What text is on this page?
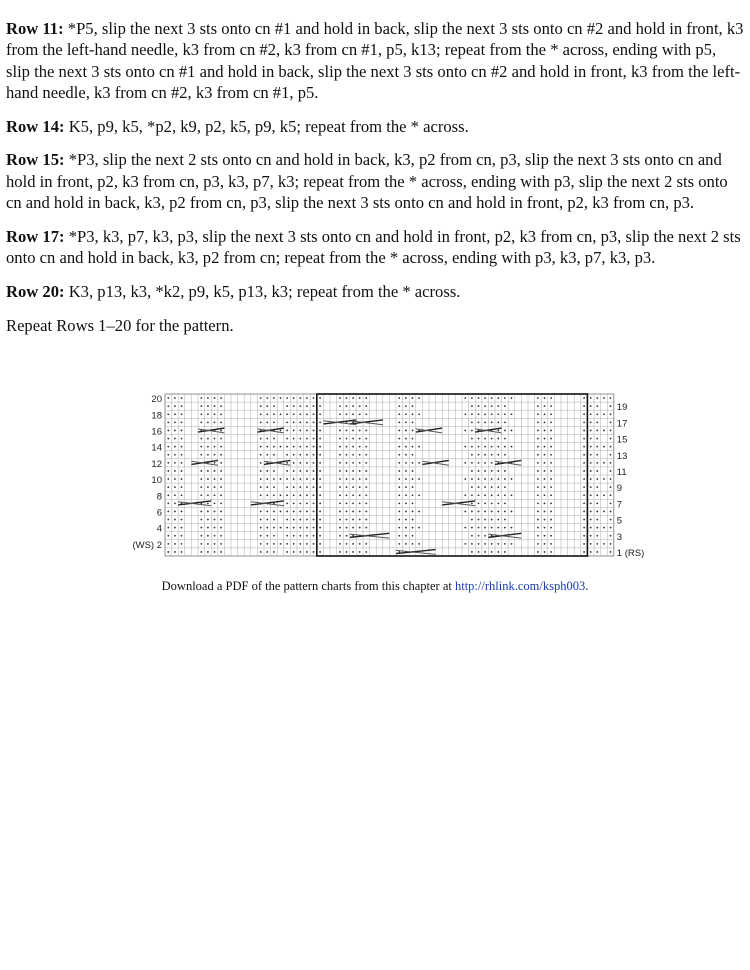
Row 11: *P5, slip the next 3 sts onto cn #1 and hold in back, slip the next 3 sts onto cn #2 and hold in front, k3 from the left-hand needle, k3 from cn #2, k3 from cn #1, p5, k13; repeat from the * across, ending with p5, slip the next 3 sts onto cn #1 and hold in back, slip the next 3 sts onto cn #2 and hold in front, k3 from the left-hand needle, k3 from cn #2, k3 from cn #1, p5.

Row 14: K5, p9, k5, *p2, k9, p2, k5, p9, k5; repeat from the * across.

Row 15: *P3, slip the next 2 sts onto cn and hold in back, k3, p2 from cn, p3, slip the next 3 sts onto cn and hold in front, p2, k3 from cn, p3, k3, p7, k3; repeat from the * across, ending with p3, slip the next 2 sts onto cn and hold in back, k3, p2 from cn, p3, slip the next 3 sts onto cn and hold in front, p2, k3 from cn, p3.

Row 17: *P3, k3, p7, k3, p3, slip the next 3 sts onto cn and hold in front, p2, k3 from cn, p3, slip the next 2 sts onto cn and hold in back, k3, p2 from cn; repeat from the * across, ending with p3, k3, p7, k3, p3.

Row 20: K3, p13, k3, *k2, p9, k5, p13, k3; repeat from the * across.

Repeat Rows 1–20 for the pattern.

20
18
16
14
12
10
8
6
4
(WS) 2
19
17
15
13
11
9
7
5
3
1 (RS)
Download a PDF of the pattern charts from this chapter at http://rhlink.com/ksph003.
